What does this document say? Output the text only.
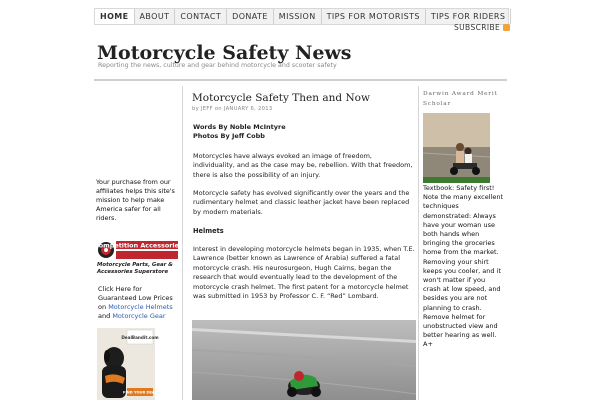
HOME	ABOUT	CONTACT	DONATE	MISSION	TIPS FOR MOTORISTS	TIPS FOR RIDERS
SUBSCRIBE
Motorcycle Safety News
Reporting the news, culture and gear behind motorcycle and scooter safety
Your purchase from our affiliates helps this site's mission to help make America safer for all riders.
Competition Accessories.com
Motorcycle Parts, Gear & Accessories Superstore
Click Here for Guaranteed Low Prices on Motorcycle Helmets and Motorcycle Gear
DealBandit.com
FIND YOUR DEAL
Motorcycle Safety Then and Now
by JEFF on JANUARY 6, 2013
Words By Noble McIntyre
Photos By Jeff Cobb
Motorcycles have always evoked an image of freedom, individuality, and as the case may be, rebellion. With that freedom, there is also the possibility of an injury.
Motorcycle safety has evolved significantly over the years and the rudimentary helmet and classic leather jacket have been replaced by modern materials.
Helmets
Interest in developing motorcycle helmets began in 1935, when T.E. Lawrence (better known as Lawrence of Arabia) suffered a fatal motorcycle crash. His neurosurgeon, Hugh Cairns, began the research that would eventually lead to the development of the motorcycle crash helmet. The first patent for a motorcycle helmet was submitted in 1953 by Professor C. F. “Red” Lombard.
Darwin Award Merit Scholar
Textbook: Safety first! Note the many excellent techniques demonstrated: Always have your woman use both hands when bringing the groceries home from the market. Removing your shirt keeps you cooler, and it won't matter if you crash at low speed, and besides you are not planning to crash. Remove helmet for unobstructed view and better hearing as well. A+
